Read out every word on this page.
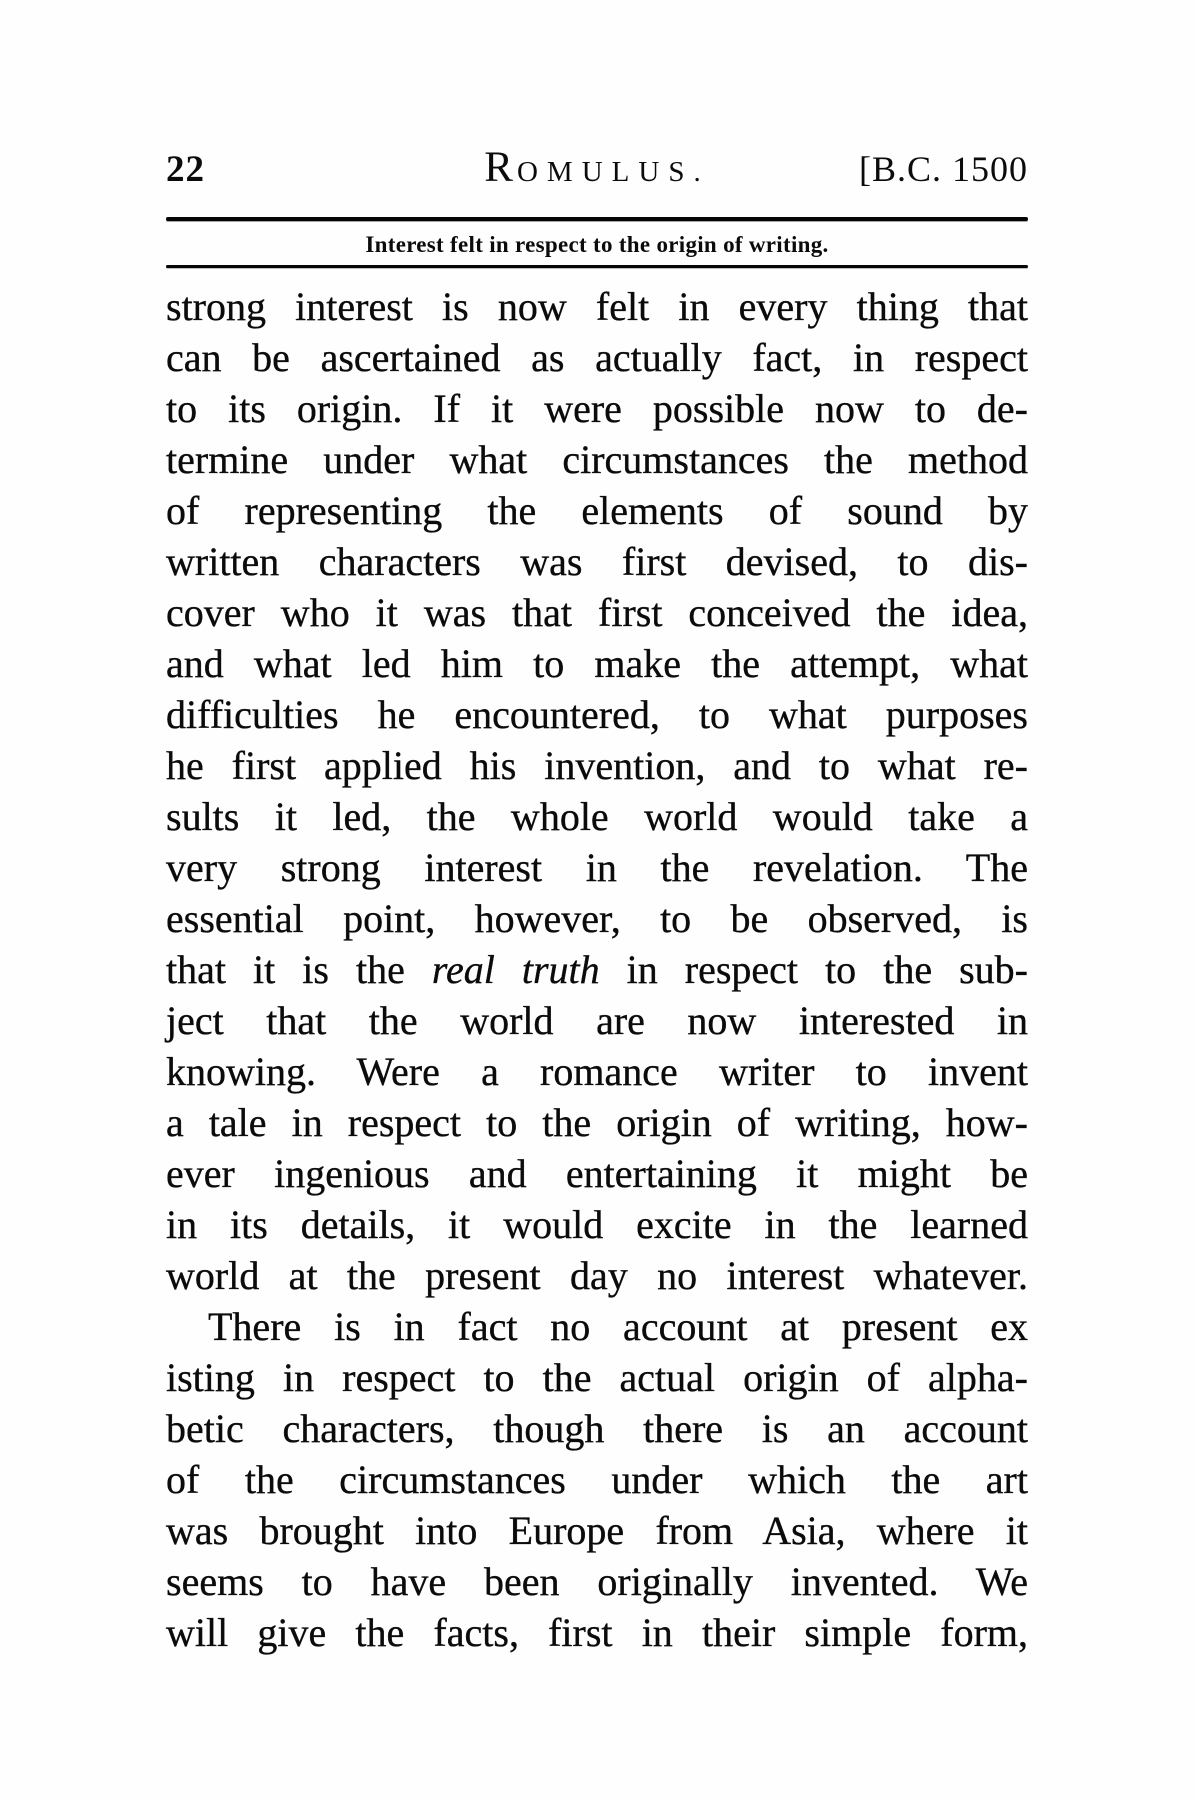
22	ROMULUS.	[B.C. 1500
Interest felt in respect to the origin of writing.
strong interest is now felt in every thing that
can be ascertained as actually fact, in respect
to its origin. If it were possible now to de-
termine under what circumstances the method
of representing the elements of sound by
written characters was first devised, to dis-
cover who it was that first conceived the idea,
and what led him to make the attempt, what
difficulties he encountered, to what purposes
he first applied his invention, and to what re-
sults it led, the whole world would take a
very strong interest in the revelation. The
essential point, however, to be observed, is
that it is the real truth in respect to the sub-
ject that the world are now interested in
knowing. Were a romance writer to invent
a tale in respect to the origin of writing, how-
ever ingenious and entertaining it might be
in its details, it would excite in the learned
world at the present day no interest whatever.
There is in fact no account at present ex
isting in respect to the actual origin of alpha-
betic characters, though there is an account
of the circumstances under which the art
was brought into Europe from Asia, where it
seems to have been originally invented. We
will give the facts, first in their simple form,
